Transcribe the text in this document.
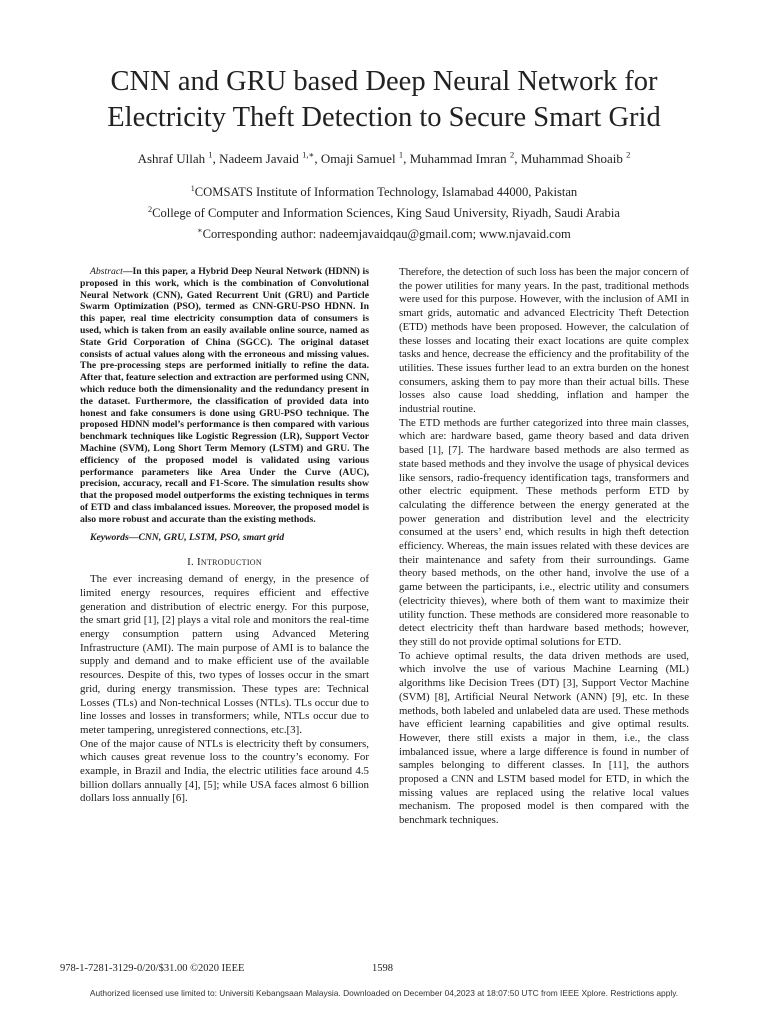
CNN and GRU based Deep Neural Network for
Electricity Theft Detection to Secure Smart Grid
Ashraf Ullah $^1$, Nadeem Javaid $^{1,∗}$, Omaji Samuel $^1$, Muhammad Imran $^2$, Muhammad Shoaib $^2$
$^1$COMSATS Institute of Information Technology, Islamabad 44000, Pakistan
$^2$College of Computer and Information Sciences, King Saud University, Riyadh, Saudi Arabia
∗Corresponding author: nadeemjavaidqau@gmail.com; www.njavaid.com

Abstract—In this paper, a Hybrid Deep Neural Network (HDNN) is proposed in this work, which is the combination of Convolutional Neural Network (CNN), Gated Recurrent Unit (GRU) and Particle Swarm Optimization (PSO), termed as CNN-GRU-PSO HDNN. In this paper, real time electricity consumption data of consumers is used, which is taken from an easily available online source, named as State Grid Corporation of China (SGCC). The original dataset consists of actual values along with the erroneous and missing values. The pre-processing steps are performed initially to refine the data. After that, feature selection and extraction are performed using CNN, which reduce both the dimensionality and the redundancy present in the dataset. Furthermore, the classification of provided data into honest and fake consumers is done using GRU-PSO technique. The proposed HDNN model’s performance is then compared with various benchmark techniques like Logistic Regression (LR), Support Vector Machine (SVM), Long Short Term Memory (LSTM) and GRU. The efficiency of the proposed model is validated using various performance parameters like Area Under the Curve (AUC), precision, accuracy, recall and F1-Score. The simulation results show that the proposed model outperforms the existing techniques in terms of ETD and class imbalanced issues. Moreover, the proposed model is also more robust and accurate than the existing methods.

Keywords—CNN, GRU, LSTM, PSO, smart grid

I. Introduction

The ever increasing demand of energy, in the presence of limited energy resources, requires efficient and effective generation and distribution of electric energy. For this purpose, the smart grid [1], [2] plays a vital role and monitors the real-time energy consumption pattern using Advanced Metering Infrastructure (AMI). The main purpose of AMI is to balance the supply and demand and to make efficient use of the available resources. Despite of this, two types of losses occur in the smart grid, during energy transmission. These types are: Technical Losses (TLs) and Non-technical Losses (NTLs). TLs occur due to line losses and losses in transformers; while, NTLs occur due to meter tampering, unregistered connections, etc.[3].

One of the major cause of NTLs is electricity theft by consumers, which causes great revenue loss to the country’s economy. For example, in Brazil and India, the electric utilities face around 4.5 billion dollars annually [4], [5]; while USA faces almost 6 billion dollars loss annually [6].

Therefore, the detection of such loss has been the major concern of the power utilities for many years. In the past, traditional methods were used for this purpose. However, with the inclusion of AMI in smart grids, automatic and advanced Electricity Theft Detection (ETD) methods have been proposed. However, the calculation of these losses and locating their exact locations are quite complex tasks and hence, decrease the efficiency and the profitability of the utilities. These issues further lead to an extra burden on the honest consumers, asking them to pay more than their actual bills. These losses also cause load shedding, inflation and hamper the industrial routine.

The ETD methods are further categorized into three main classes, which are: hardware based, game theory based and data driven based [1], [7]. The hardware based methods are also termed as state based methods and they involve the usage of physical devices like sensors, radio-frequency identification tags, transformers and other electric equipment. These methods perform ETD by calculating the difference between the energy generated at the power generation and distribution level and the electricity consumed at the users’ end, which results in high theft detection efficiency. Whereas, the main issues related with these devices are their maintenance and safety from their surroundings. Game theory based methods, on the other hand, involve the use of a game between the participants, i.e., electric utility and consumers (electricity thieves), where both of them want to maximize their utility function. These methods are considered more reasonable to detect electricity theft than hardware based methods; however, they still do not provide optimal solutions for ETD.

To achieve optimal results, the data driven methods are used, which involve the use of various Machine Learning (ML) algorithms like Decision Trees (DT) [3], Support Vector Machine (SVM) [8], Artificial Neural Network (ANN) [9], etc. In these methods, both labeled and unlabeled data are used. These methods have efficient learning capabilities and give optimal results. However, there still exists a major in them, i.e., the class imbalanced issue, where a large difference is found in number of samples belonging to different classes. In [11], the authors proposed a CNN and LSTM based model for ETD, in which the missing values are replaced using the relative local values mechanism. The proposed model is then compared with the benchmark techniques.

978-1-7281-3129-0/20/$31.00 ©2020 IEEE	1598
Authorized licensed use limited to: Universiti Kebangsaan Malaysia. Downloaded on December 04,2023 at 18:07:50 UTC from IEEE Xplore. Restrictions apply.
